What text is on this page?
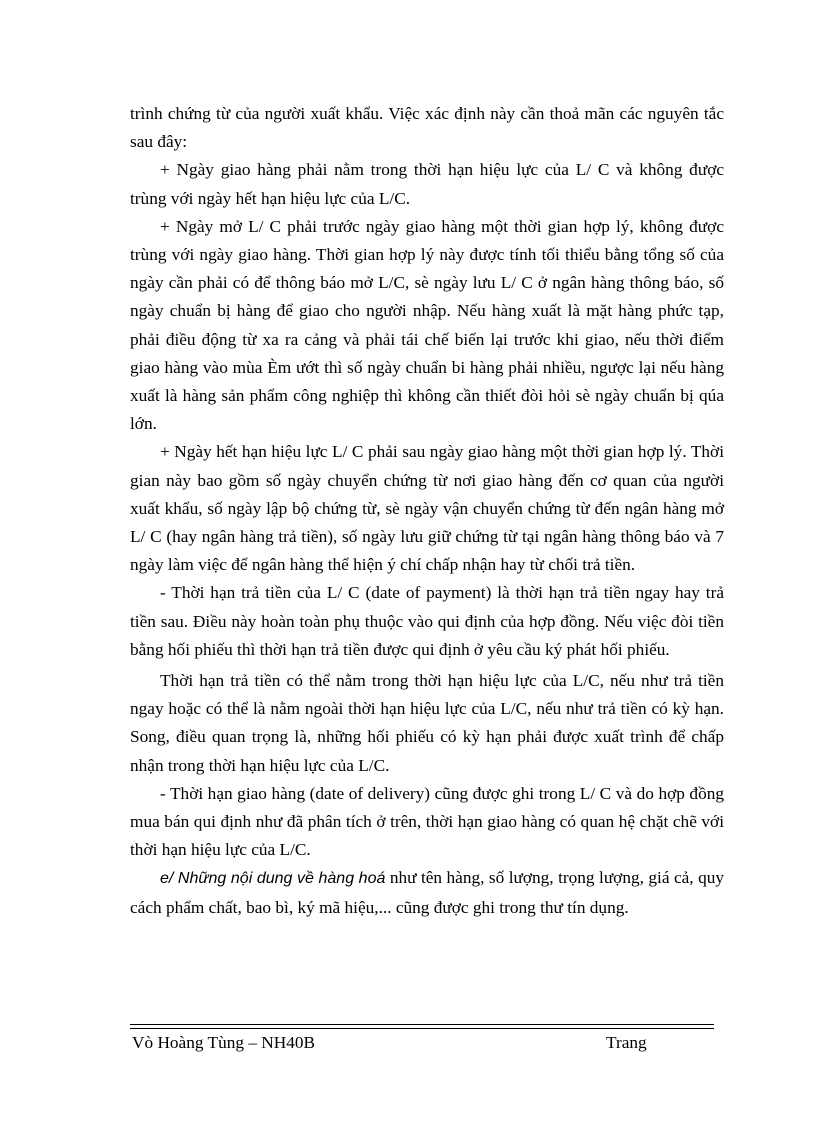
trình chứng từ của người xuất khẩu. Việc xác định này cần thoả mãn các nguyên tắc sau đây:

+ Ngày giao hàng phải nằm trong thời hạn hiệu lực của L/ C và không được trùng với ngày hết hạn hiệu lực của L/C.

+ Ngày mở L/ C phải trước ngày giao hàng một thời gian hợp lý, không được trùng với ngày giao hàng. Thời gian hợp lý này được tính tối thiểu bằng tổng số của ngày cần phải có để thông báo mở L/C, sè ngày lưu L/ C ở ngân hàng thông báo, số ngày chuẩn bị hàng để giao cho người nhập. Nếu hàng xuất là mặt hàng phức tạp, phải điều động từ xa ra cảng và phải tái chế biến lại trước khi giao, nếu thời điểm giao hàng vào mùa Èm ướt thì số ngày chuẩn bi hàng phải nhiều, ngược lại nếu hàng xuất là hàng sản phẩm công nghiệp thì không cần thiết đòi hỏi sè ngày chuẩn bị qúa lớn.

+ Ngày hết hạn hiệu lực L/ C phải sau ngày giao hàng một thời gian hợp lý. Thời gian này bao gồm số ngày chuyển chứng từ nơi giao hàng đến cơ quan của người xuất khẩu, số ngày lập bộ chứng từ, sè ngày vận chuyển chứng từ đến ngân hàng mở L/ C (hay ngân hàng trả tiền), số ngày lưu giữ chứng từ tại ngân hàng thông báo và 7 ngày làm việc để ngân hàng thể hiện ý chí chấp nhận hay từ chối trả tiền.

- Thời hạn trả tiền của L/ C (date of payment) là thời hạn trả tiền ngay hay trả tiền sau. Điều này hoàn toàn phụ thuộc vào qui định của hợp đồng. Nếu việc đòi tiền bằng hối phiếu thì thời hạn trả tiền được qui định ở yêu cầu ký phát hối phiếu.

Thời hạn trả tiền có thể nằm trong thời hạn hiệu lực của L/C, nếu như trả tiền ngay hoặc có thể là nằm ngoài thời hạn hiệu lực của L/C, nếu như trả tiền có kỳ hạn. Song, điều quan trọng là, những hối phiếu có kỳ hạn phải được xuất trình để chấp nhận trong thời hạn hiệu lực của L/C.

- Thời hạn giao hàng (date of delivery) cũng được ghi trong L/ C và do hợp đồng mua bán qui định như đã phân tích ở trên, thời hạn giao hàng có quan hệ chặt chẽ với thời hạn hiệu lực của L/C.

e/ Những nội dung về hàng hoá như tên hàng, số lượng, trọng lượng, giá cả, quy cách phẩm chất, bao bì, ký mã hiệu,... cũng được ghi trong thư tín dụng.

Vò Hoàng Tùng – NH40B	Trang
